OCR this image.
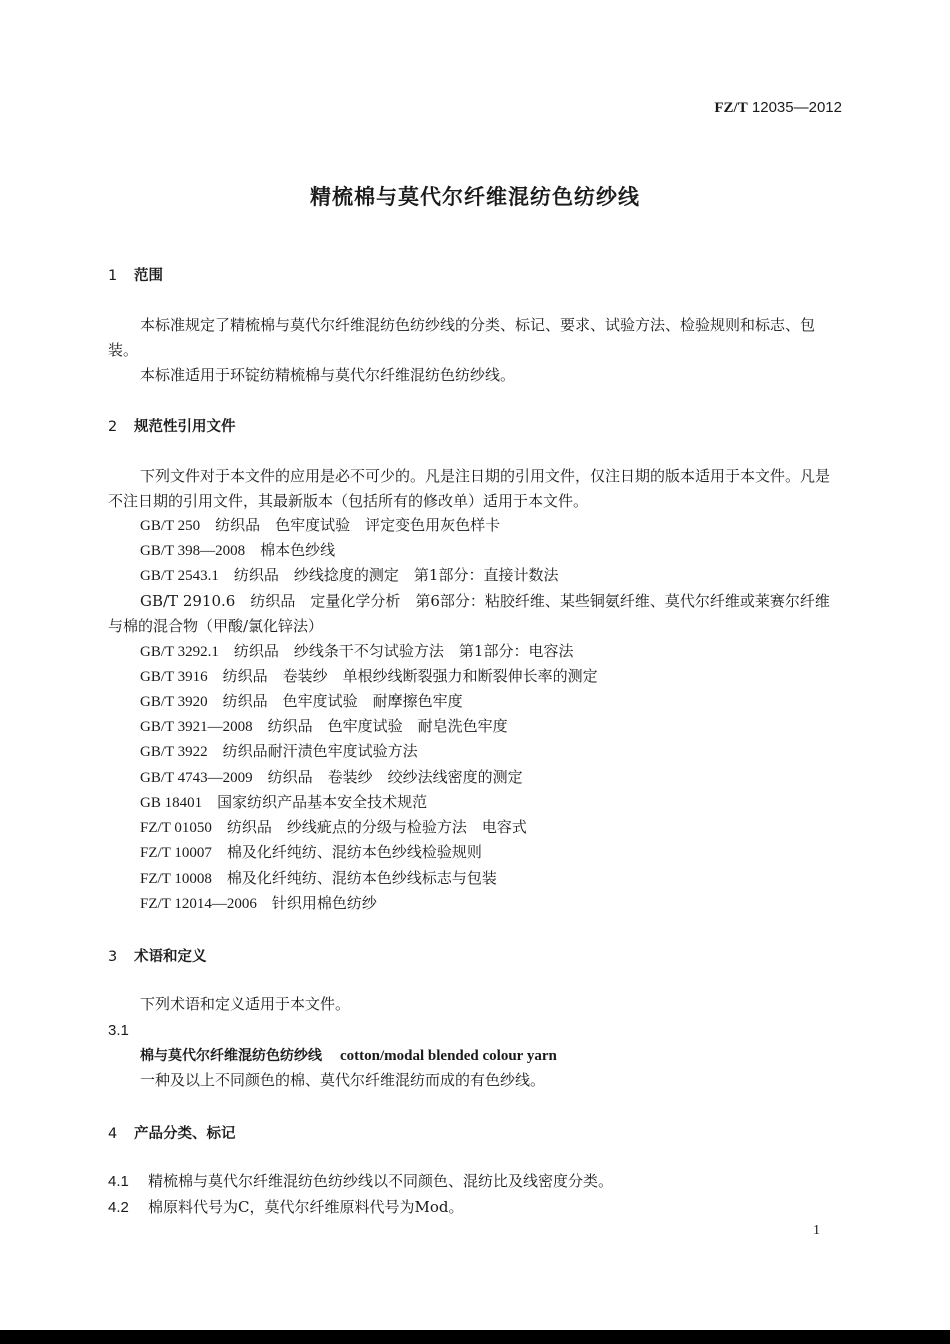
FZ/T 12035—2012
精梳棉与莫代尔纤维混纺色纺纱线
1 范围
本标准规定了精梳棉与莫代尔纤维混纺色纺纱线的分类、标记、要求、试验方法、检验规则和标志、包装。
本标准适用于环锭纺精梳棉与莫代尔纤维混纺色纺纱线。
2 规范性引用文件
下列文件对于本文件的应用是必不可少的。凡是注日期的引用文件，仅注日期的版本适用于本文件。凡是不注日期的引用文件，其最新版本（包括所有的修改单）适用于本文件。
GB/T 250　 纺织品　色牢度试验　评定变色用灰色样卡
GB/T 398—2008　 棉本色纱线
GB/T 2543.1　 纺织品　纱线捻度的测定　第1部分：直接计数法
GB/T 2910.6　 纺织品　定量化学分析　第6部分：粘胶纤维、某些铜氨纤维、莫代尔纤维或莱赛尔纤维与棉的混合物（甲酸/氯化锌法）
GB/T 3292.1　 纺织品　纱线条干不匀试验方法　第1部分：电容法
GB/T 3916　 纺织品　卷装纱　单根纱线断裂强力和断裂伸长率的测定
GB/T 3920　 纺织品　色牢度试验　耐摩擦色牢度
GB/T 3921—2008　 纺织品　色牢度试验　耐皂洗色牢度
GB/T 3922　 纺织品耐汗渍色牢度试验方法
GB/T 4743—2009　 纺织品　卷装纱　绞纱法线密度的测定
GB 18401　 国家纺织产品基本安全技术规范
FZ/T 01050　 纺织品　纱线疵点的分级与检验方法　电容式
FZ/T 10007　 棉及化纤纯纺、混纺本色纱线检验规则
FZ/T 10008　 棉及化纤纯纺、混纺本色纱线标志与包装
FZ/T 12014—2006　 针织用棉色纺纱
3 术语和定义
下列术语和定义适用于本文件。
3.1
棉与莫代尔纤维混纺色纺纱线 cotton/modal blended colour yarn
一种及以上不同颜色的棉、莫代尔纤维混纺而成的有色纱线。
4 产品分类、标记
4.1 精梳棉与莫代尔纤维混纺色纺纱线以不同颜色、混纺比及线密度分类。
4.2 棉原料代号为C，莫代尔纤维原料代号为Mod。
1
